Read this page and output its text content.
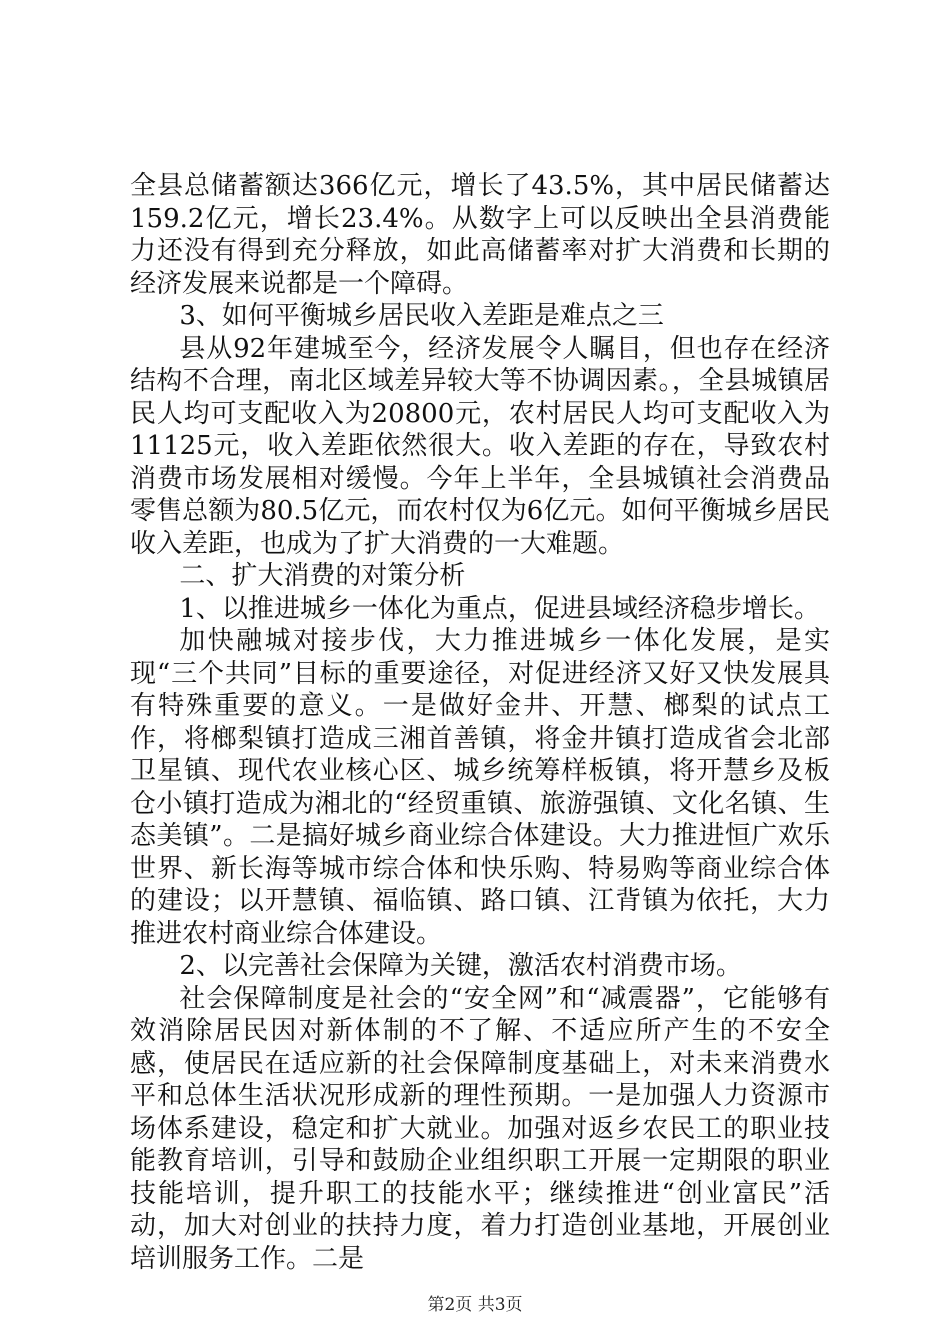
全县总储蓄额达366亿元，增长了43.5%，其中居民储蓄达159.2亿元，增长23.4%。从数字上可以反映出全县消费能力还没有得到充分释放，如此高储蓄率对扩大消费和长期的经济发展来说都是一个障碍。

3、如何平衡城乡居民收入差距是难点之三

县从92年建城至今，经济发展令人瞩目，但也存在经济结构不合理，南北区域差异较大等不协调因素。，全县城镇居民人均可支配收入为20800元，农村居民人均可支配收入为11125元，收入差距依然很大。收入差距的存在，导致农村消费市场发展相对缓慢。今年上半年，全县城镇社会消费品零售总额为80.5亿元，而农村仅为6亿元。如何平衡城乡居民收入差距，也成为了扩大消费的一大难题。

二、扩大消费的对策分析

1、以推进城乡一体化为重点，促进县域经济稳步增长。

加快融城对接步伐，大力推进城乡一体化发展，是实现“三个共同”目标的重要途径，对促进经济又好又快发展具有特殊重要的意义。一是做好金井、开慧、榔梨的试点工作，将榔梨镇打造成三湘首善镇，将金井镇打造成省会北部卫星镇、现代农业核心区、城乡统筹样板镇，将开慧乡及板仓小镇打造成为湘北的“经贸重镇、旅游强镇、文化名镇、生态美镇”。二是搞好城乡商业综合体建设。大力推进恒广欢乐世界、新长海等城市综合体和快乐购、特易购等商业综合体的建设；以开慧镇、福临镇、路口镇、江背镇为依托，大力推进农村商业综合体建设。

2、以完善社会保障为关键，激活农村消费市场。

社会保障制度是社会的“安全网”和“减震器”，它能够有效消除居民因对新体制的不了解、不适应所产生的不安全感，使居民在适应新的社会保障制度基础上，对未来消费水平和总体生活状况形成新的理性预期。一是加强人力资源市场体系建设，稳定和扩大就业。加强对返乡农民工的职业技能教育培训，引导和鼓励企业组织职工开展一定期限的职业技能培训，提升职工的技能水平；继续推进“创业富民”活动，加大对创业的扶持力度，着力打造创业基地，开展创业培训服务工作。二是

第2页 共3页
